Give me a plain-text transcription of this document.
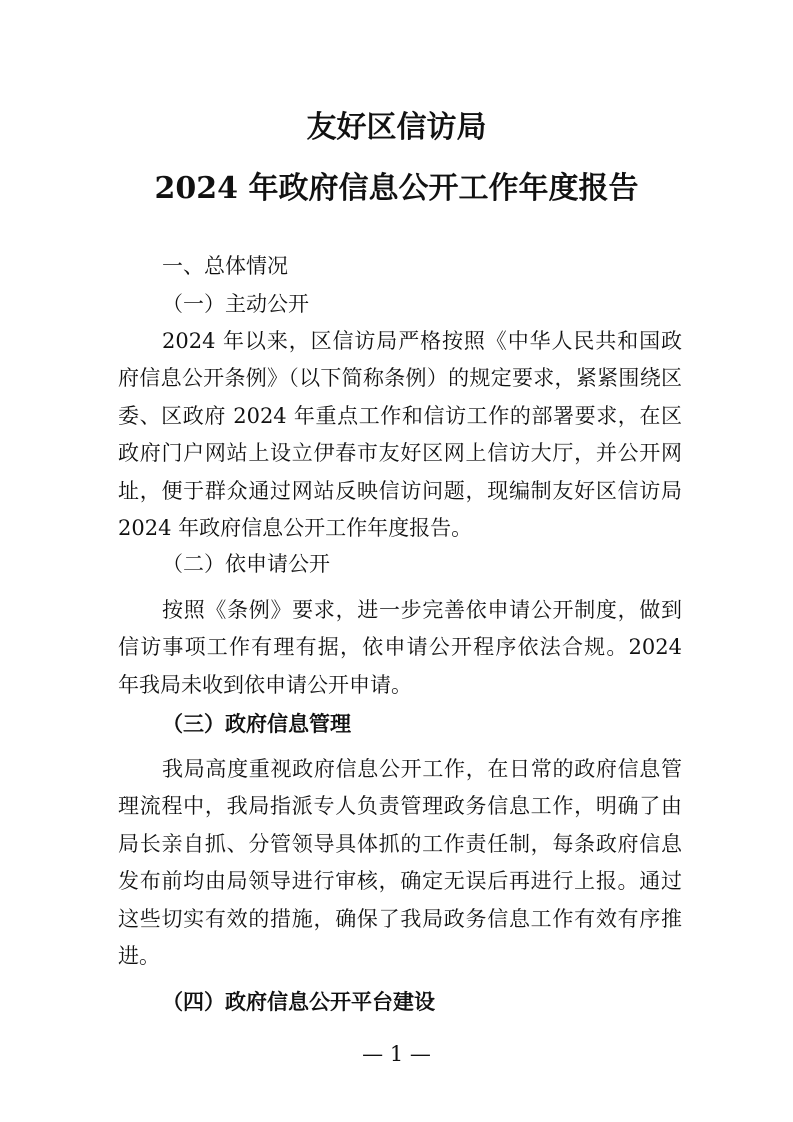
友好区信访局
2024 年政府信息公开工作年度报告
一、总体情况
（一）主动公开

2024 年以来，区信访局严格按照《中华人民共和国政府信息公开条例》（以下简称条例）的规定要求，紧紧围绕区委、区政府 2024 年重点工作和信访工作的部署要求，在区政府门户网站上设立伊春市友好区网上信访大厅，并公开网址，便于群众通过网站反映信访问题，现编制友好区信访局 2024 年政府信息公开工作年度报告。

（二）依申请公开

按照《条例》要求，进一步完善依申请公开制度，做到信访事项工作有理有据，依申请公开程序依法合规。2024 年我局未收到依申请公开申请。

（三）政府信息管理

我局高度重视政府信息公开工作，在日常的政府信息管理流程中，我局指派专人负责管理政务信息工作，明确了由局长亲自抓、分管领导具体抓的工作责任制，每条政府信息发布前均由局领导进行审核，确定无误后再进行上报。通过这些切实有效的措施，确保了我局政务信息工作有效有序推进。

（四）政府信息公开平台建设
— 1 —
